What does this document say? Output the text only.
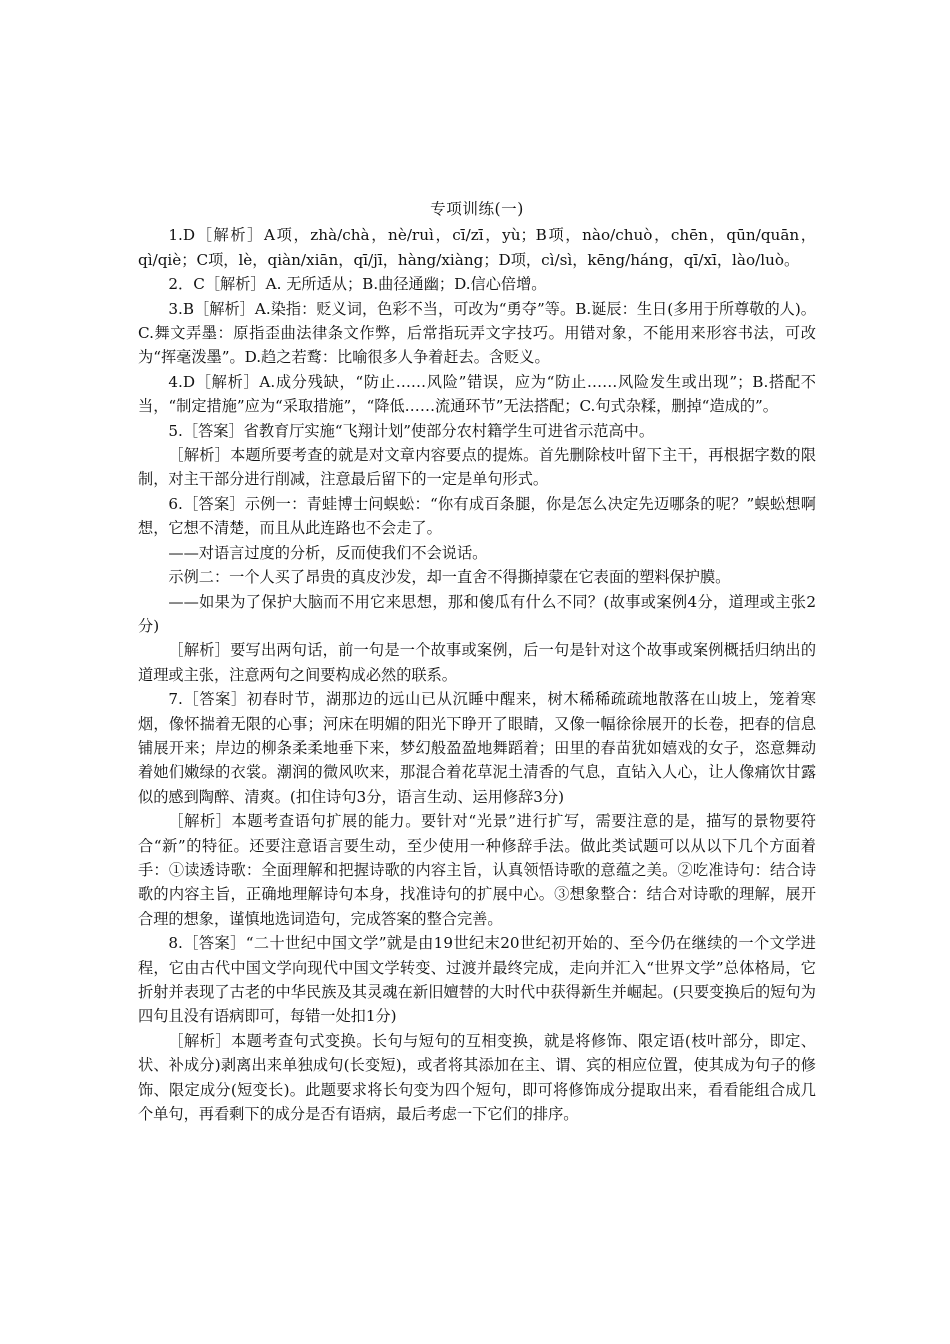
专项训练(一)

1.D［解析］A项，zhà/chà，nè/ruì，cī/zī，yù；B项，nào/chuò，chēn，qūn/quān，qì/qiè；C项，lè，qiàn/xiān，qī/jī，hàng/xiàng；D项，cì/sì，kēng/háng，qī/xī，lào/luò。

2．C［解析］A. 无所适从；B.曲径通幽；D.信心倍增。

3.B［解析］A.染指：贬义词，色彩不当，可改为“勇夺”等。B.诞辰：生日(多用于所尊敬的人)。C.舞文弄墨：原指歪曲法律条文作弊，后常指玩弄文字技巧。用错对象，不能用来形容书法，可改为“挥毫泼墨”。D.趋之若鹜：比喻很多人争着赶去。含贬义。

4.D［解析］A.成分残缺，“防止……风险”错误，应为“防止……风险发生或出现”；B.搭配不当，“制定措施”应为“采取措施”，“降低……流通环节”无法搭配；C.句式杂糅，删掉“造成的”。

5.［答案］省教育厅实施“飞翔计划”使部分农村籍学生可进省示范高中。

［解析］本题所要考查的就是对文章内容要点的提炼。首先删除枝叶留下主干，再根据字数的限制，对主干部分进行削减，注意最后留下的一定是单句形式。

6.［答案］示例一：青蛙博士问蜈蚣：“你有成百条腿，你是怎么决定先迈哪条的呢？”蜈蚣想啊想，它想不清楚，而且从此连路也不会走了。

——对语言过度的分析，反而使我们不会说话。

示例二：一个人买了昂贵的真皮沙发，却一直舍不得撕掉蒙在它表面的塑料保护膜。

——如果为了保护大脑而不用它来思想，那和傻瓜有什么不同？(故事或案例4分，道理或主张2分)

［解析］要写出两句话，前一句是一个故事或案例，后一句是针对这个故事或案例概括归纳出的道理或主张，注意两句之间要构成必然的联系。

7.［答案］初春时节，湖那边的远山已从沉睡中醒来，树木稀稀疏疏地散落在山坡上，笼着寒烟，像怀揣着无限的心事；河床在明媚的阳光下睁开了眼睛，又像一幅徐徐展开的长卷，把春的信息铺展开来；岸边的柳条柔柔地垂下来，梦幻般盈盈地舞蹈着；田里的春苗犹如嬉戏的女子，恣意舞动着她们嫩绿的衣裳。潮润的微风吹来，那混合着花草泥土清香的气息，直钻入人心，让人像痛饮甘露似的感到陶醉、清爽。(扣住诗句3分，语言生动、运用修辞3分)

［解析］本题考查语句扩展的能力。要针对“光景”进行扩写，需要注意的是，描写的景物要符合“新”的特征。还要注意语言要生动，至少使用一种修辞手法。做此类试题可以从以下几个方面着手：①读透诗歌：全面理解和把握诗歌的内容主旨，认真领悟诗歌的意蕴之美。②吃准诗句：结合诗歌的内容主旨，正确地理解诗句本身，找准诗句的扩展中心。③想象整合：结合对诗歌的理解，展开合理的想象，谨慎地选词造句，完成答案的整合完善。

8.［答案］“二十世纪中国文学”就是由19世纪末20世纪初开始的、至今仍在继续的一个文学进程，它由古代中国文学向现代中国文学转变、过渡并最终完成，走向并汇入“世界文学”总体格局，它折射并表现了古老的中华民族及其灵魂在新旧嬗替的大时代中获得新生并崛起。(只要变换后的短句为四句且没有语病即可，每错一处扣1分)

［解析］本题考查句式变换。长句与短句的互相变换，就是将修饰、限定语(枝叶部分，即定、状、补成分)剥离出来单独成句(长变短)，或者将其添加在主、谓、宾的相应位置，使其成为句子的修饰、限定成分(短变长)。此题要求将长句变为四个短句，即可将修饰成分提取出来，看看能组合成几个单句，再看剩下的成分是否有语病，最后考虑一下它们的排序。
